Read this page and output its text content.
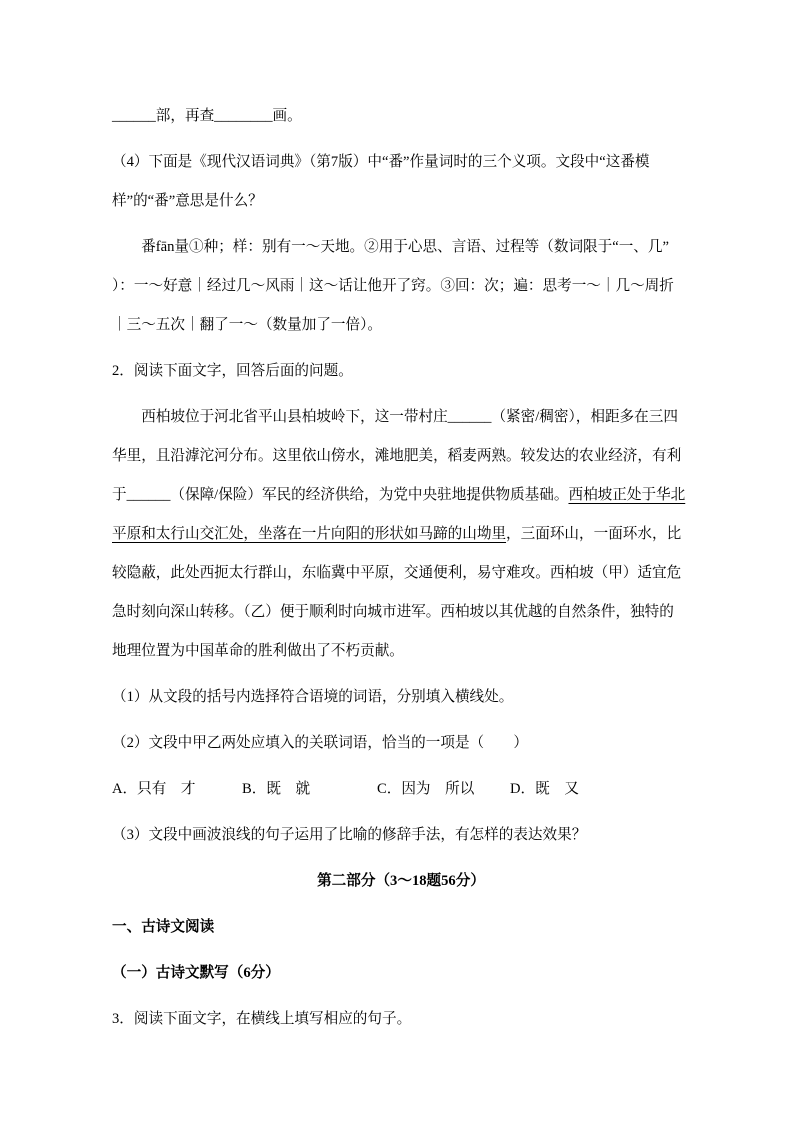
______部，再查________画。
（4）下面是《现代汉语词典》（第7版）中“番”作量词时的三个义项。文段中“这番模
样”的“番”意思是什么？
番fān量①种；样：别有一～天地。②用于心思、言语、过程等（数词限于“一、几”
）：一～好意｜经过几～风雨｜这～话让他开了窍。③回：次；遍：思考一～｜几～周折
｜三～五次｜翻了一～（数量加了一倍）。
2．阅读下面文字，回答后面的问题。
西柏坡位于河北省平山县柏坡岭下，这一带村庄______（紧密/稠密），相距多在三四
华里，且沿滹沱河分布。这里依山傍水，滩地肥美，稻麦两熟。较发达的农业经济，有利
于______（保障/保险）军民的经济供给，为党中央驻地提供物质基础。西柏坡正处于华北
平原和太行山交汇处，坐落在一片向阳的形状如马蹄的山坳里，三面环山，一面环水，比
较隐蔽，此处西扼太行群山，东临冀中平原，交通便利，易守难攻。西柏坡（甲）适宜危
急时刻向深山转移。（乙）便于顺利时向城市进军。西柏坡以其优越的自然条件，独特的
地理位置为中国革命的胜利做出了不朽贡献。
（1）从文段的括号内选择符合语境的词语，分别填入横线处。
（2）文段中甲乙两处应填入的关联词语，恰当的一项是（　　）
A．只有　才	B．既　就	C．因为　所以	D．既　又
（3）文段中画波浪线的句子运用了比喻的修辞手法，有怎样的表达效果？
第二部分（3～18题56分）
一、古诗文阅读
（一）古诗文默写（6分）
3．阅读下面文字，在横线上填写相应的句子。
